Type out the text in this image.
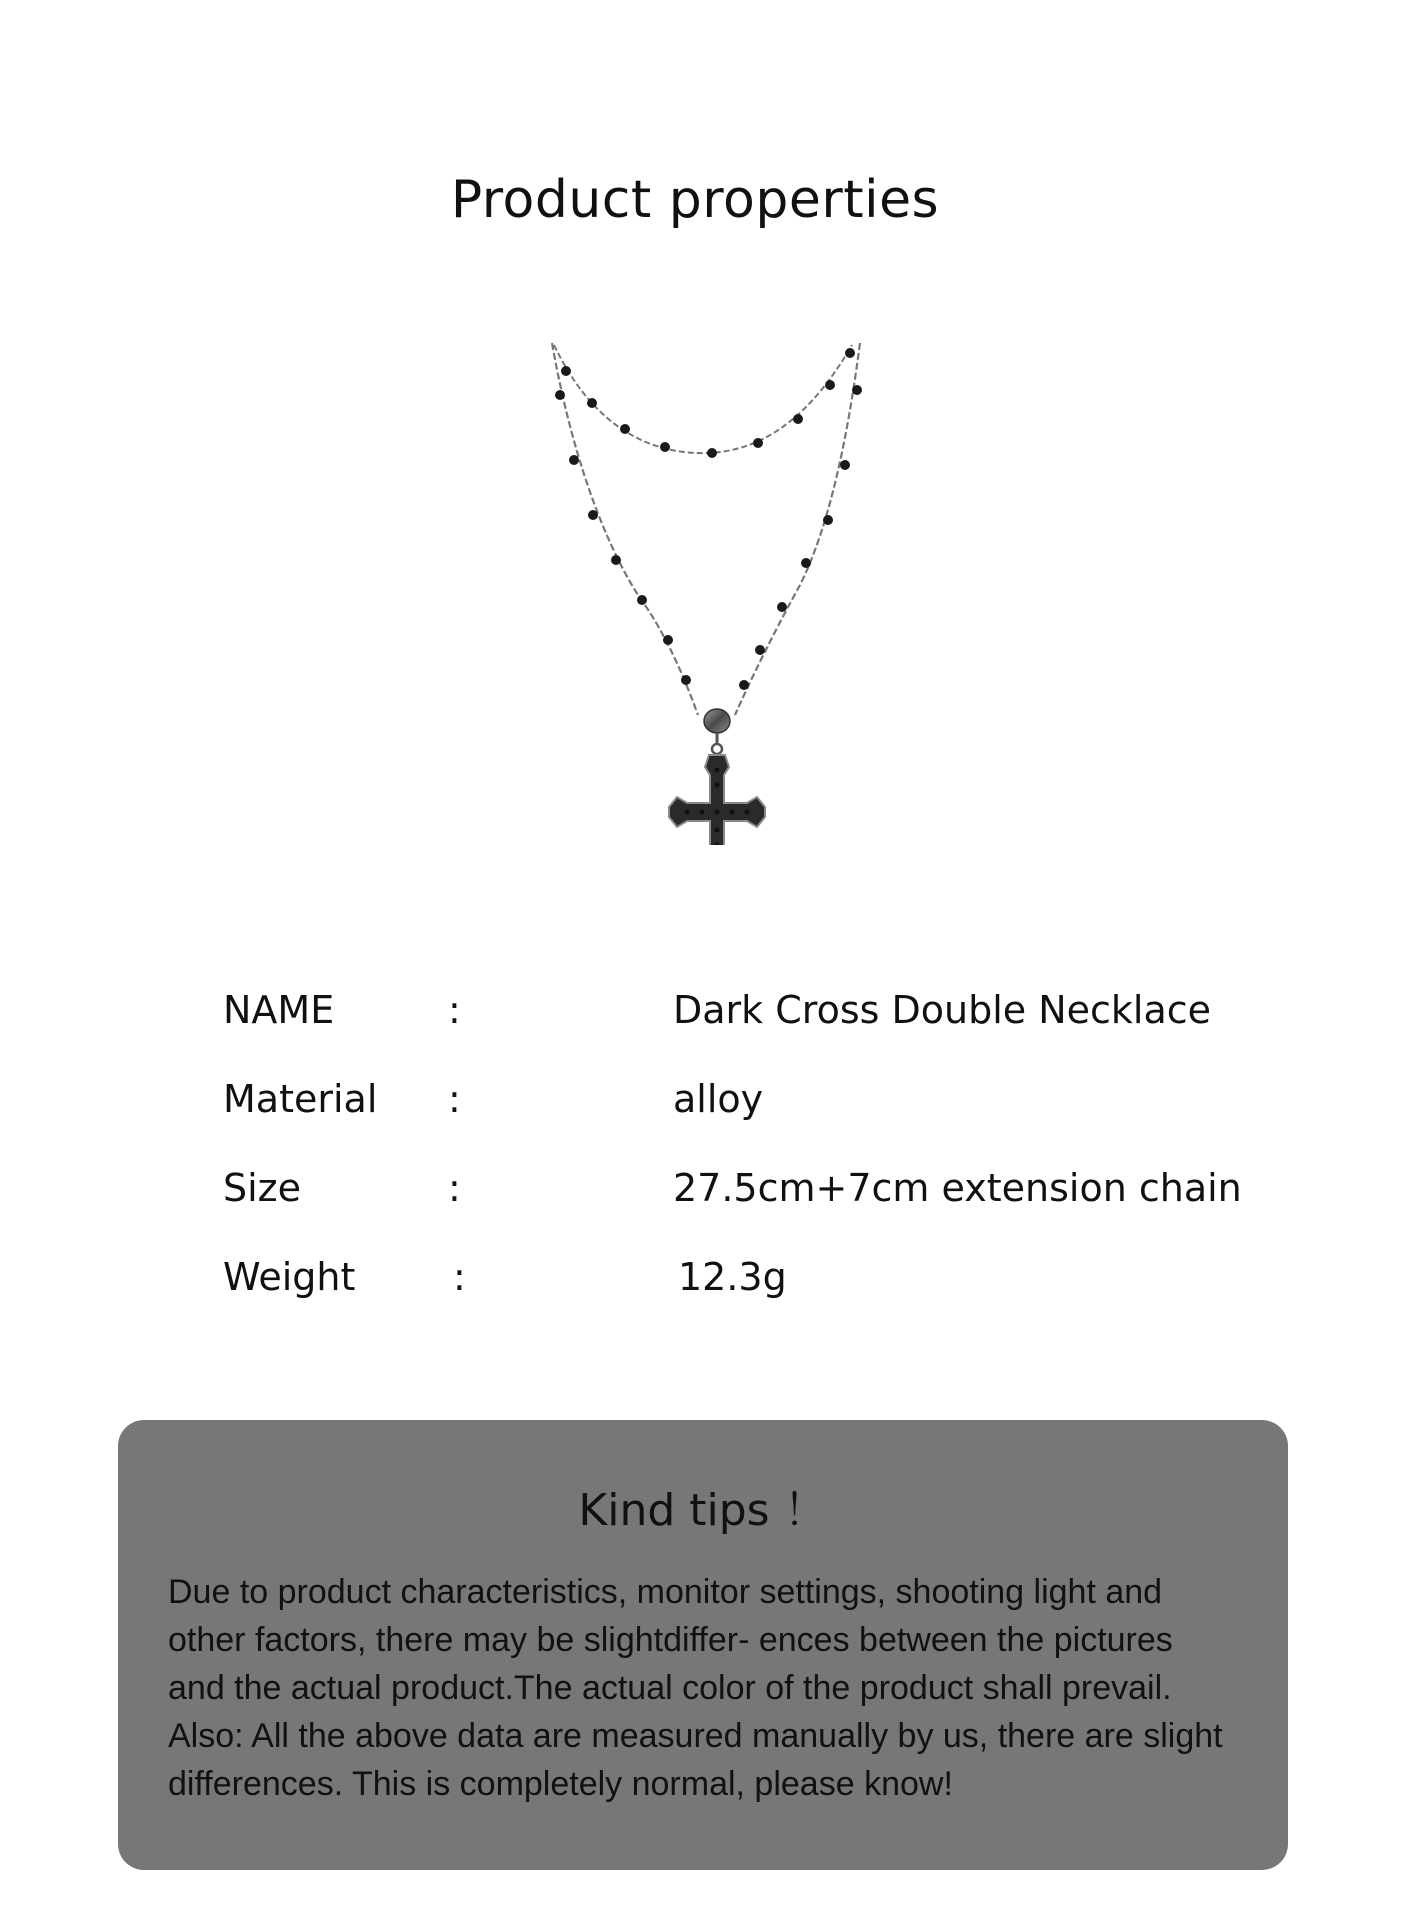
Product properties
NAME	:	Dark Cross Double Necklace
Material :	alloy
Size	:	27.5cm+7cm extension chain
Weight	:	12.3g
Kind tips ！

Due to product characteristics, monitor settings, shooting light and

other factors, there may be slightdiffer- ences between the pictures

and the actual product.The actual color of the product shall prevail.

Also: All the above data are measured manually by us, there are slight

differences. This is completely normal, please know!
